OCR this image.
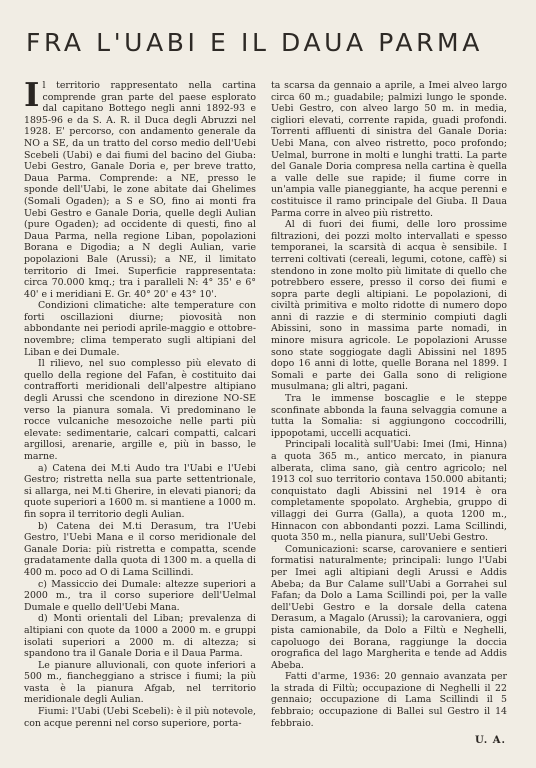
FRA L'UABI E IL DAUA PARMA

Il territorio rappresentato nella cartina comprende gran parte del paese esplorato dal capitano Bottego negli anni 1892-93 e 1895-96 e da S. A. R. il Duca degli Abruzzi nel 1928. E' percorso, con andamento generale da NO a SE, da un tratto del corso medio dell'Uebi Scebeli (Uabi) e dai fiumi del bacino del Giuba: Uebi Gestro, Ganale Doria e, per breve tratto, Daua Parma. Comprende: a NE, presso le sponde dell'Uabi, le zone abitate dai Ghelimes (Somali Ogaden); a S e SO, fino ai monti fra Uebi Gestro e Ganale Doria, quelle degli Aulian (pure Ogaden); ad occidente di questi, fino al Daua Parma, nella regione Liban, popolazioni Borana e Digodia; a N degli Aulian, varie popolazioni Bale (Arussi); a NE, il limitato territorio di Imei. Superficie rappresentata: circa 70.000 kmq.; tra i paralleli N: 4° 35' e 6° 40' e i meridiani E. Gr. 40° 20' e 43° 10'.

Condizioni climatiche: alte temperature con forti oscillazioni diurne; piovosità non abbondante nei periodi aprile-maggio e ottobre-novembre; clima temperato sugli altipiani del Liban e dei Dumale.

Il rilievo, nel suo complesso più elevato di quello della regione del Fafan, è costituito dai contrafforti meridionali dell'alpestre altipiano degli Arussi che scendono in direzione NO-SE verso la pianura somala. Vi predominano le rocce vulcaniche mesozoiche nelle parti più elevate: sedimentarie, calcari compatti, calcari argillosi, arenarie, argille e, più in basso, le marne.

a) Catena dei M.ti Audo tra l'Uabi e l'Uebi Gestro; ristretta nella sua parte settentrionale, si allarga, nei M.ti Gherire, in elevati pianori; da quote superiori a 1600 m. si mantiene a 1000 m. fin sopra il territorio degli Aulian.

b) Catena dei M.ti Derasum, tra l'Uebi Gestro, l'Uebi Mana e il corso meridionale del Ganale Doria: più ristretta e compatta, scende gradatamente dalla quota di 1300 m. a quella di 400 m. poco ad O di Lama Scillindi.

c) Massiccio dei Dumale: altezze superiori a 2000 m., tra il corso superiore dell'Uelmal Dumale e quello dell'Uebi Mana.

d) Monti orientali del Liban; prevalenza di altipiani con quote da 1000 a 2000 m. e gruppi isolati superiori a 2000 m. di altezza; si spandono tra il Ganale Doria e il Daua Parma.

Le pianure alluvionali, con quote inferiori a 500 m., fiancheggiano a strisce i fiumi; la più vasta è la pianura Afgab, nel territorio meridionale degli Aulian.

Fiumi: l'Uabi (Uebi Scebeli): è il più notevole, con acque perenni nel corso superiore, porta-

ta scarsa da gennaio a aprile, a Imei alveo largo circa 60 m.; guadabile; palmizi lungo le sponde. Uebi Gestro, con alveo largo 50 m. in media, cigliori elevati, corrente rapida, guadi profondi. Torrenti affluenti di sinistra del Ganale Doria: Uebi Mana, con alveo ristretto, poco profondo; Uelmal, burrone in molti e lunghi tratti. La parte del Ganale Doria compresa nella cartina è quella a valle delle sue rapide; il fiume corre in un'ampia valle pianeggiante, ha acque perenni e costituisce il ramo principale del Giuba. Il Daua Parma corre in alveo più ristretto.

Al di fuori dei fiumi, delle loro prossime filtrazioni, dei pozzi molto intervallati e spesso temporanei, la scarsità di acqua è sensibile. I terreni coltivati (cereali, legumi, cotone, caffè) si stendono in zone molto più limitate di quello che potrebbero essere, presso il corso dei fiumi e sopra parte degli altipiani. Le popolazioni, di civiltà primitiva e molto ridotte di numero dopo anni di razzie e di sterminio compiuti dagli Abissini, sono in massima parte nomadi, in minore misura agricole. Le popolazioni Arusse sono state soggiogate dagli Abissini nel 1895 dopo 16 anni di lotte, quelle Borana nel 1899. I Somali e parte dei Galla sono di religione musulmana; gli altri, pagani.

Tra le immense boscaglie e le steppe sconfinate abbonda la fauna selvaggia comune a tutta la Somalia: si aggiungono coccodrilli, ippopotami, uccelli acquatici.

Principali località sull'Uabi: Imei (Imi, Hinna) a quota 365 m., antico mercato, in pianura alberata, clima sano, già centro agricolo; nel 1913 col suo territorio contava 150.000 abitanti; conquistato dagli Abissini nel 1914 è ora completamente spopolato. Arghebia, gruppo di villaggi dei Gurra (Galla), a quota 1200 m., Hinnacon con abbondanti pozzi. Lama Scillindi, quota 350 m., nella pianura, sull'Uebi Gestro.

Comunicazioni: scarse, carovaniere e sentieri formatisi naturalmente; principali: lungo l'Uabi per Imei agli altipiani degli Arussi e Addis Abeba; da Bur Calame sull'Uabi a Gorrahei sul Fafan; da Dolo a Lama Scillindi poi, per la valle dell'Uebi Gestro e la dorsale della catena Derasum, a Magalo (Arussi); la carovaniera, oggi pista camionabile, da Dolo a Filtù e Neghelli, capoluogo dei Borana, raggiunge la doccia orografica del lago Margherita e tende ad Addis Abeba.

Fatti d'arme, 1936: 20 gennaio avanzata per la strada di Filtù; occupazione di Neghelli il 22 gennaio; occupazione di Lama Scillindi il 5 febbraio; occupazione di Ballei sul Gestro il 14 febbraio.

U. A.
